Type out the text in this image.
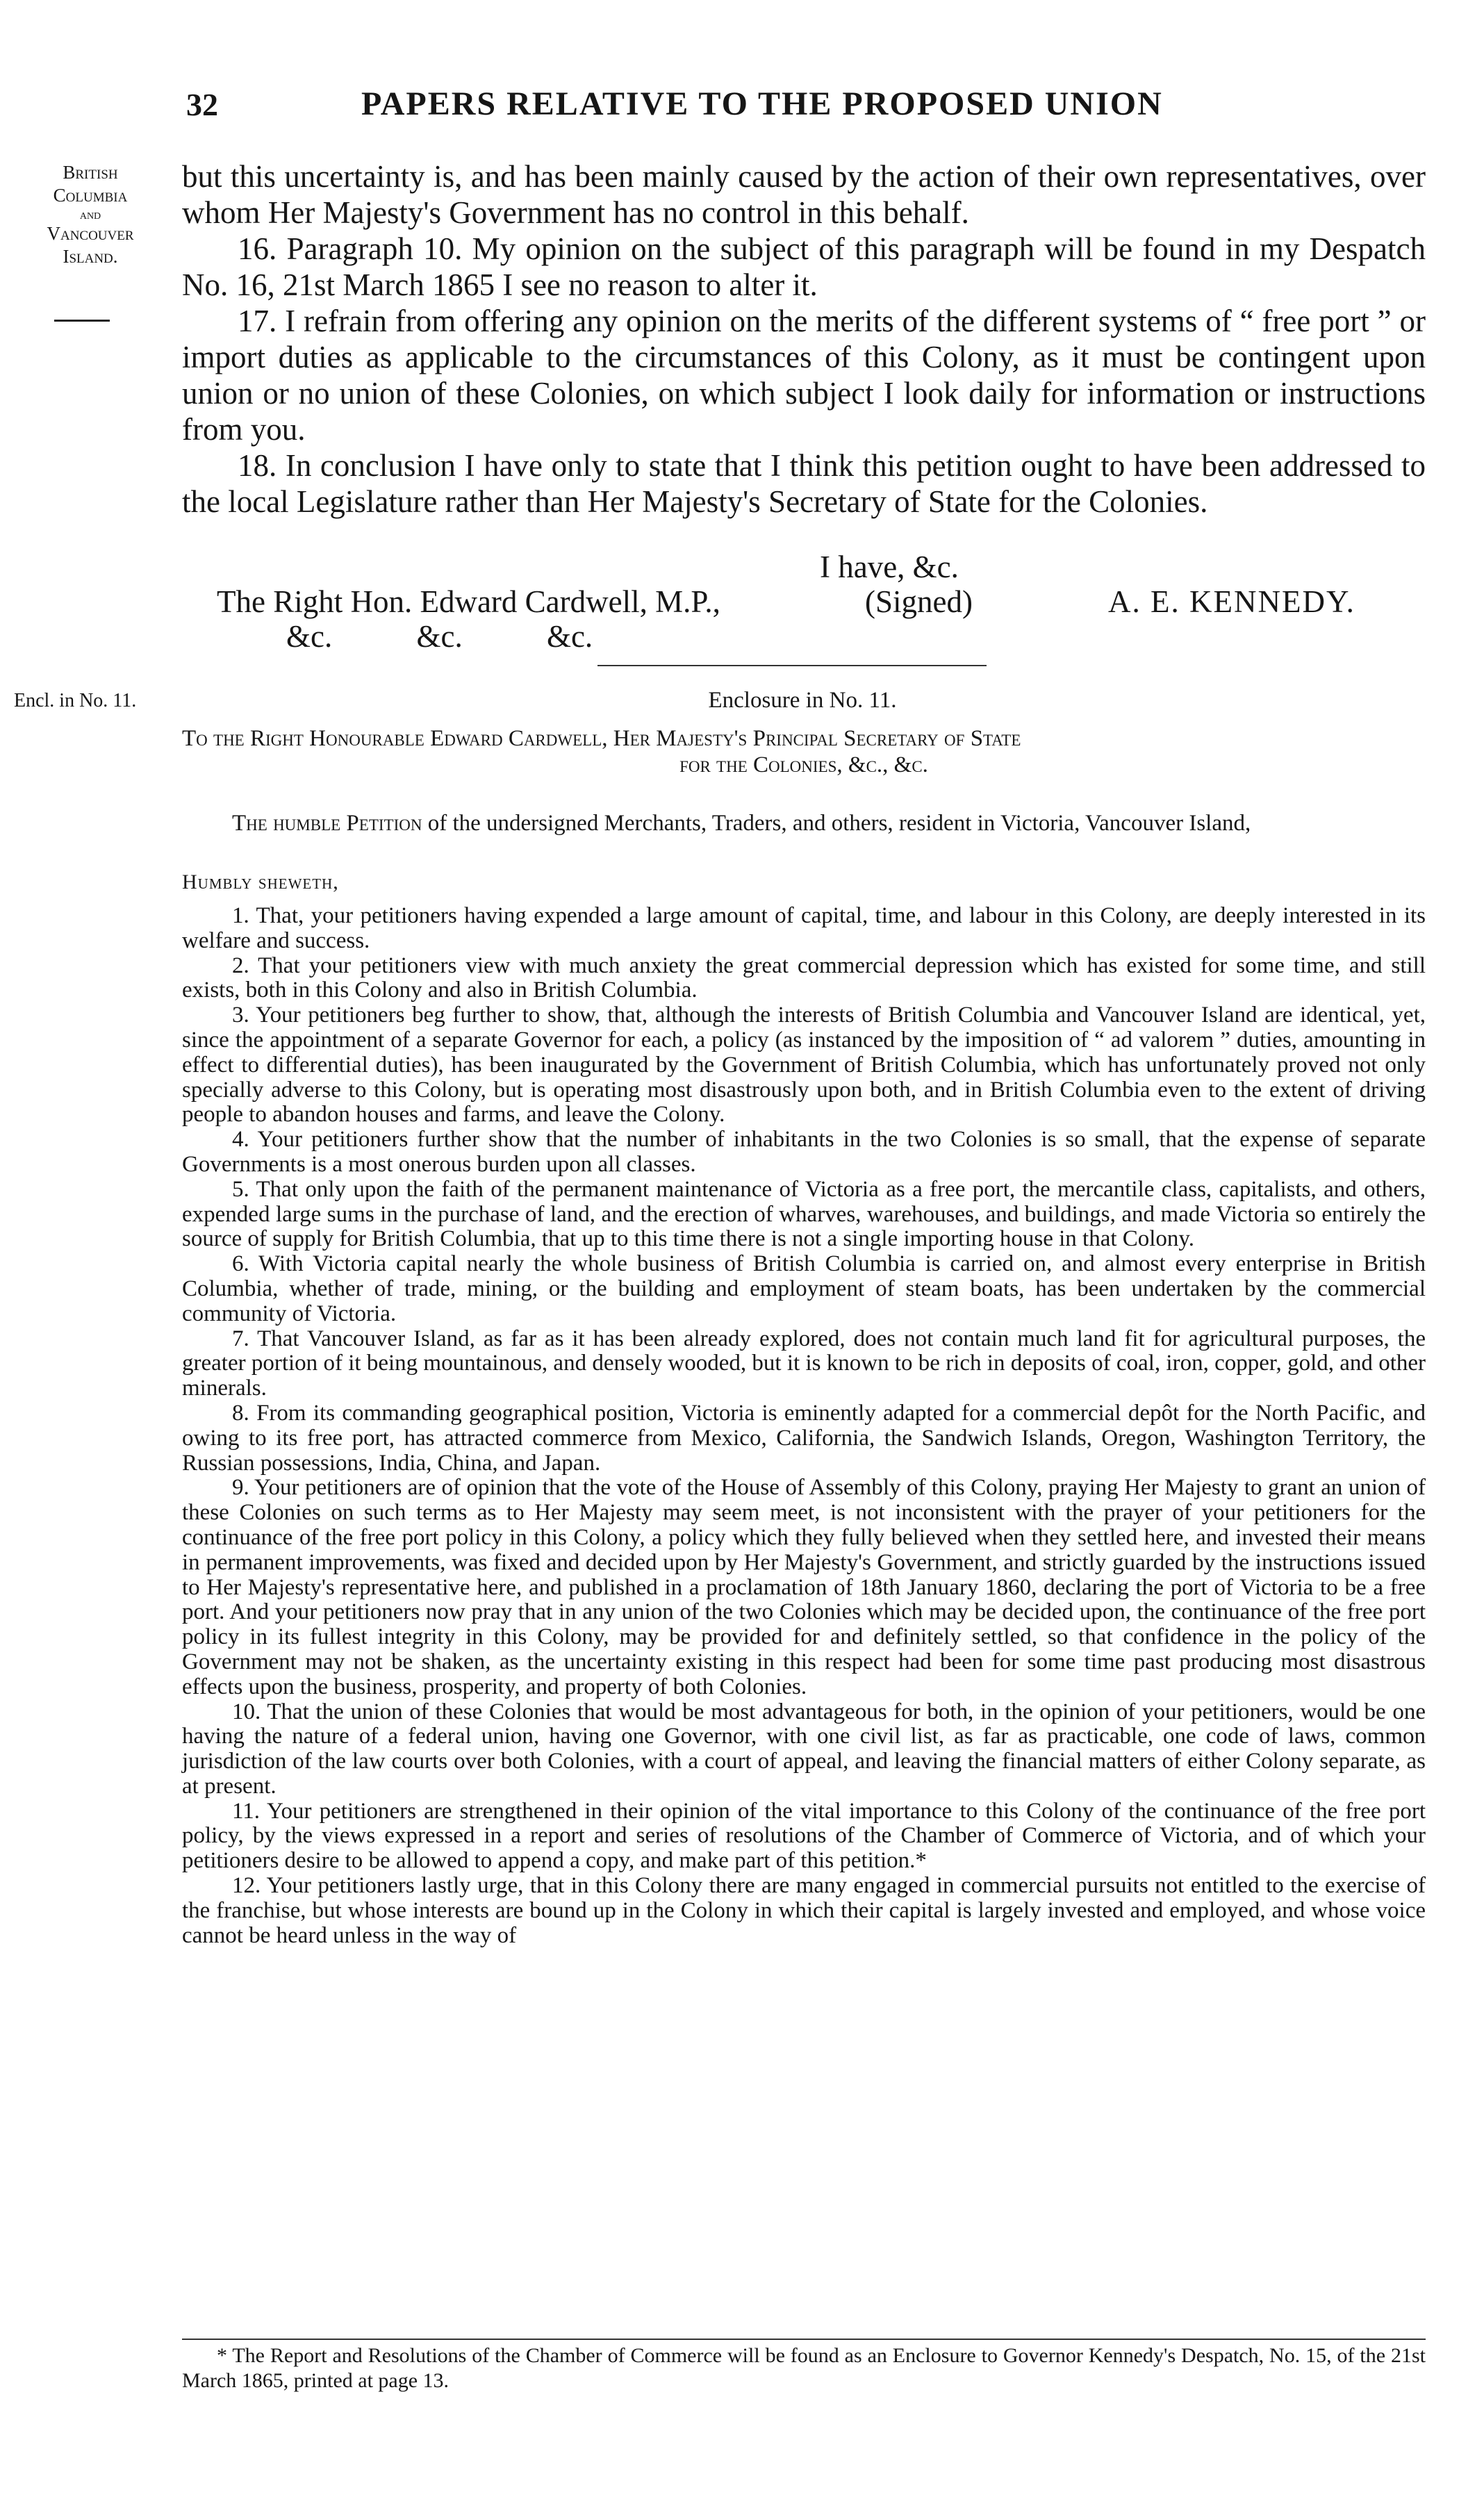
32	PAPERS RELATIVE TO THE PROPOSED UNION
British
Columbia
and
Vancouver
Island.

but this uncertainty is, and has been mainly caused by the action of their own representatives, over whom Her Majesty's Government has no control in this behalf.

16. Paragraph 10. My opinion on the subject of this paragraph will be found in my Despatch No. 16, 21st March 1865 I see no reason to alter it.

17. I refrain from offering any opinion on the merits of the different systems of “ free port ” or import duties as applicable to the circumstances of this Colony, as it must be contingent upon union or no union of these Colonies, on which subject I look daily for information or instructions from you.

18. In conclusion I have only to state that I think this petition ought to have been addressed to the local Legislature rather than Her Majesty's Secretary of State for the Colonies.

I have, &c.
The Right Hon. Edward Cardwell, M.P.,	(Signed)	A. E. KENNEDY.
&c. &c. &c.
Encl. in No. 11.	Enclosure in No. 11.
To the Right Honourable Edward Cardwell, Her Majesty's Principal Secretary of State
for the Colonies, &c., &c.
The humble Petition of the undersigned Merchants, Traders, and others, resident in Victoria, Vancouver Island,
Humbly sheweth,

1. That, your petitioners having expended a large amount of capital, time, and labour in this Colony, are deeply interested in its welfare and success.

2. That your petitioners view with much anxiety the great commercial depression which has existed for some time, and still exists, both in this Colony and also in British Columbia.

3. Your petitioners beg further to show, that, although the interests of British Columbia and Vancouver Island are identical, yet, since the appointment of a separate Governor for each, a policy (as instanced by the imposition of “ ad valorem ” duties, amounting in effect to differential duties), has been inaugurated by the Government of British Columbia, which has unfortunately proved not only specially adverse to this Colony, but is operating most disastrously upon both, and in British Columbia even to the extent of driving people to abandon houses and farms, and leave the Colony.

4. Your petitioners further show that the number of inhabitants in the two Colonies is so small, that the expense of separate Governments is a most onerous burden upon all classes.

5. That only upon the faith of the permanent maintenance of Victoria as a free port, the mercantile class, capitalists, and others, expended large sums in the purchase of land, and the erection of wharves, warehouses, and buildings, and made Victoria so entirely the source of supply for British Columbia, that up to this time there is not a single importing house in that Colony.

6. With Victoria capital nearly the whole business of British Columbia is carried on, and almost every enterprise in British Columbia, whether of trade, mining, or the building and employment of steam boats, has been undertaken by the commercial community of Victoria.

7. That Vancouver Island, as far as it has been already explored, does not contain much land fit for agricultural purposes, the greater portion of it being mountainous, and densely wooded, but it is known to be rich in deposits of coal, iron, copper, gold, and other minerals.

8. From its commanding geographical position, Victoria is eminently adapted for a commercial depôt for the North Pacific, and owing to its free port, has attracted commerce from Mexico, California, the Sandwich Islands, Oregon, Washington Territory, the Russian possessions, India, China, and Japan.

9. Your petitioners are of opinion that the vote of the House of Assembly of this Colony, praying Her Majesty to grant an union of these Colonies on such terms as to Her Majesty may seem meet, is not inconsistent with the prayer of your petitioners for the continuance of the free port policy in this Colony, a policy which they fully believed when they settled here, and invested their means in permanent improvements, was fixed and decided upon by Her Majesty's Government, and strictly guarded by the instructions issued to Her Majesty's representative here, and published in a proclamation of 18th January 1860, declaring the port of Victoria to be a free port. And your petitioners now pray that in any union of the two Colonies which may be decided upon, the continuance of the free port policy in its fullest integrity in this Colony, may be provided for and definitely settled, so that confidence in the policy of the Government may not be shaken, as the uncertainty existing in this respect had been for some time past producing most disastrous effects upon the business, prosperity, and property of both Colonies.

10. That the union of these Colonies that would be most advantageous for both, in the opinion of your petitioners, would be one having the nature of a federal union, having one Governor, with one civil list, as far as practicable, one code of laws, common jurisdiction of the law courts over both Colonies, with a court of appeal, and leaving the financial matters of either Colony separate, as at present.

11. Your petitioners are strengthened in their opinion of the vital importance to this Colony of the continuance of the free port policy, by the views expressed in a report and series of resolutions of the Chamber of Commerce of Victoria, and of which your petitioners desire to be allowed to append a copy, and make part of this petition.*

12. Your petitioners lastly urge, that in this Colony there are many engaged in commercial pursuits not entitled to the exercise of the franchise, but whose interests are bound up in the Colony in which their capital is largely invested and employed, and whose voice cannot be heard unless in the way of

* The Report and Resolutions of the Chamber of Commerce will be found as an Enclosure to Governor Kennedy's Despatch, No. 15, of the 21st March 1865, printed at page 13.
